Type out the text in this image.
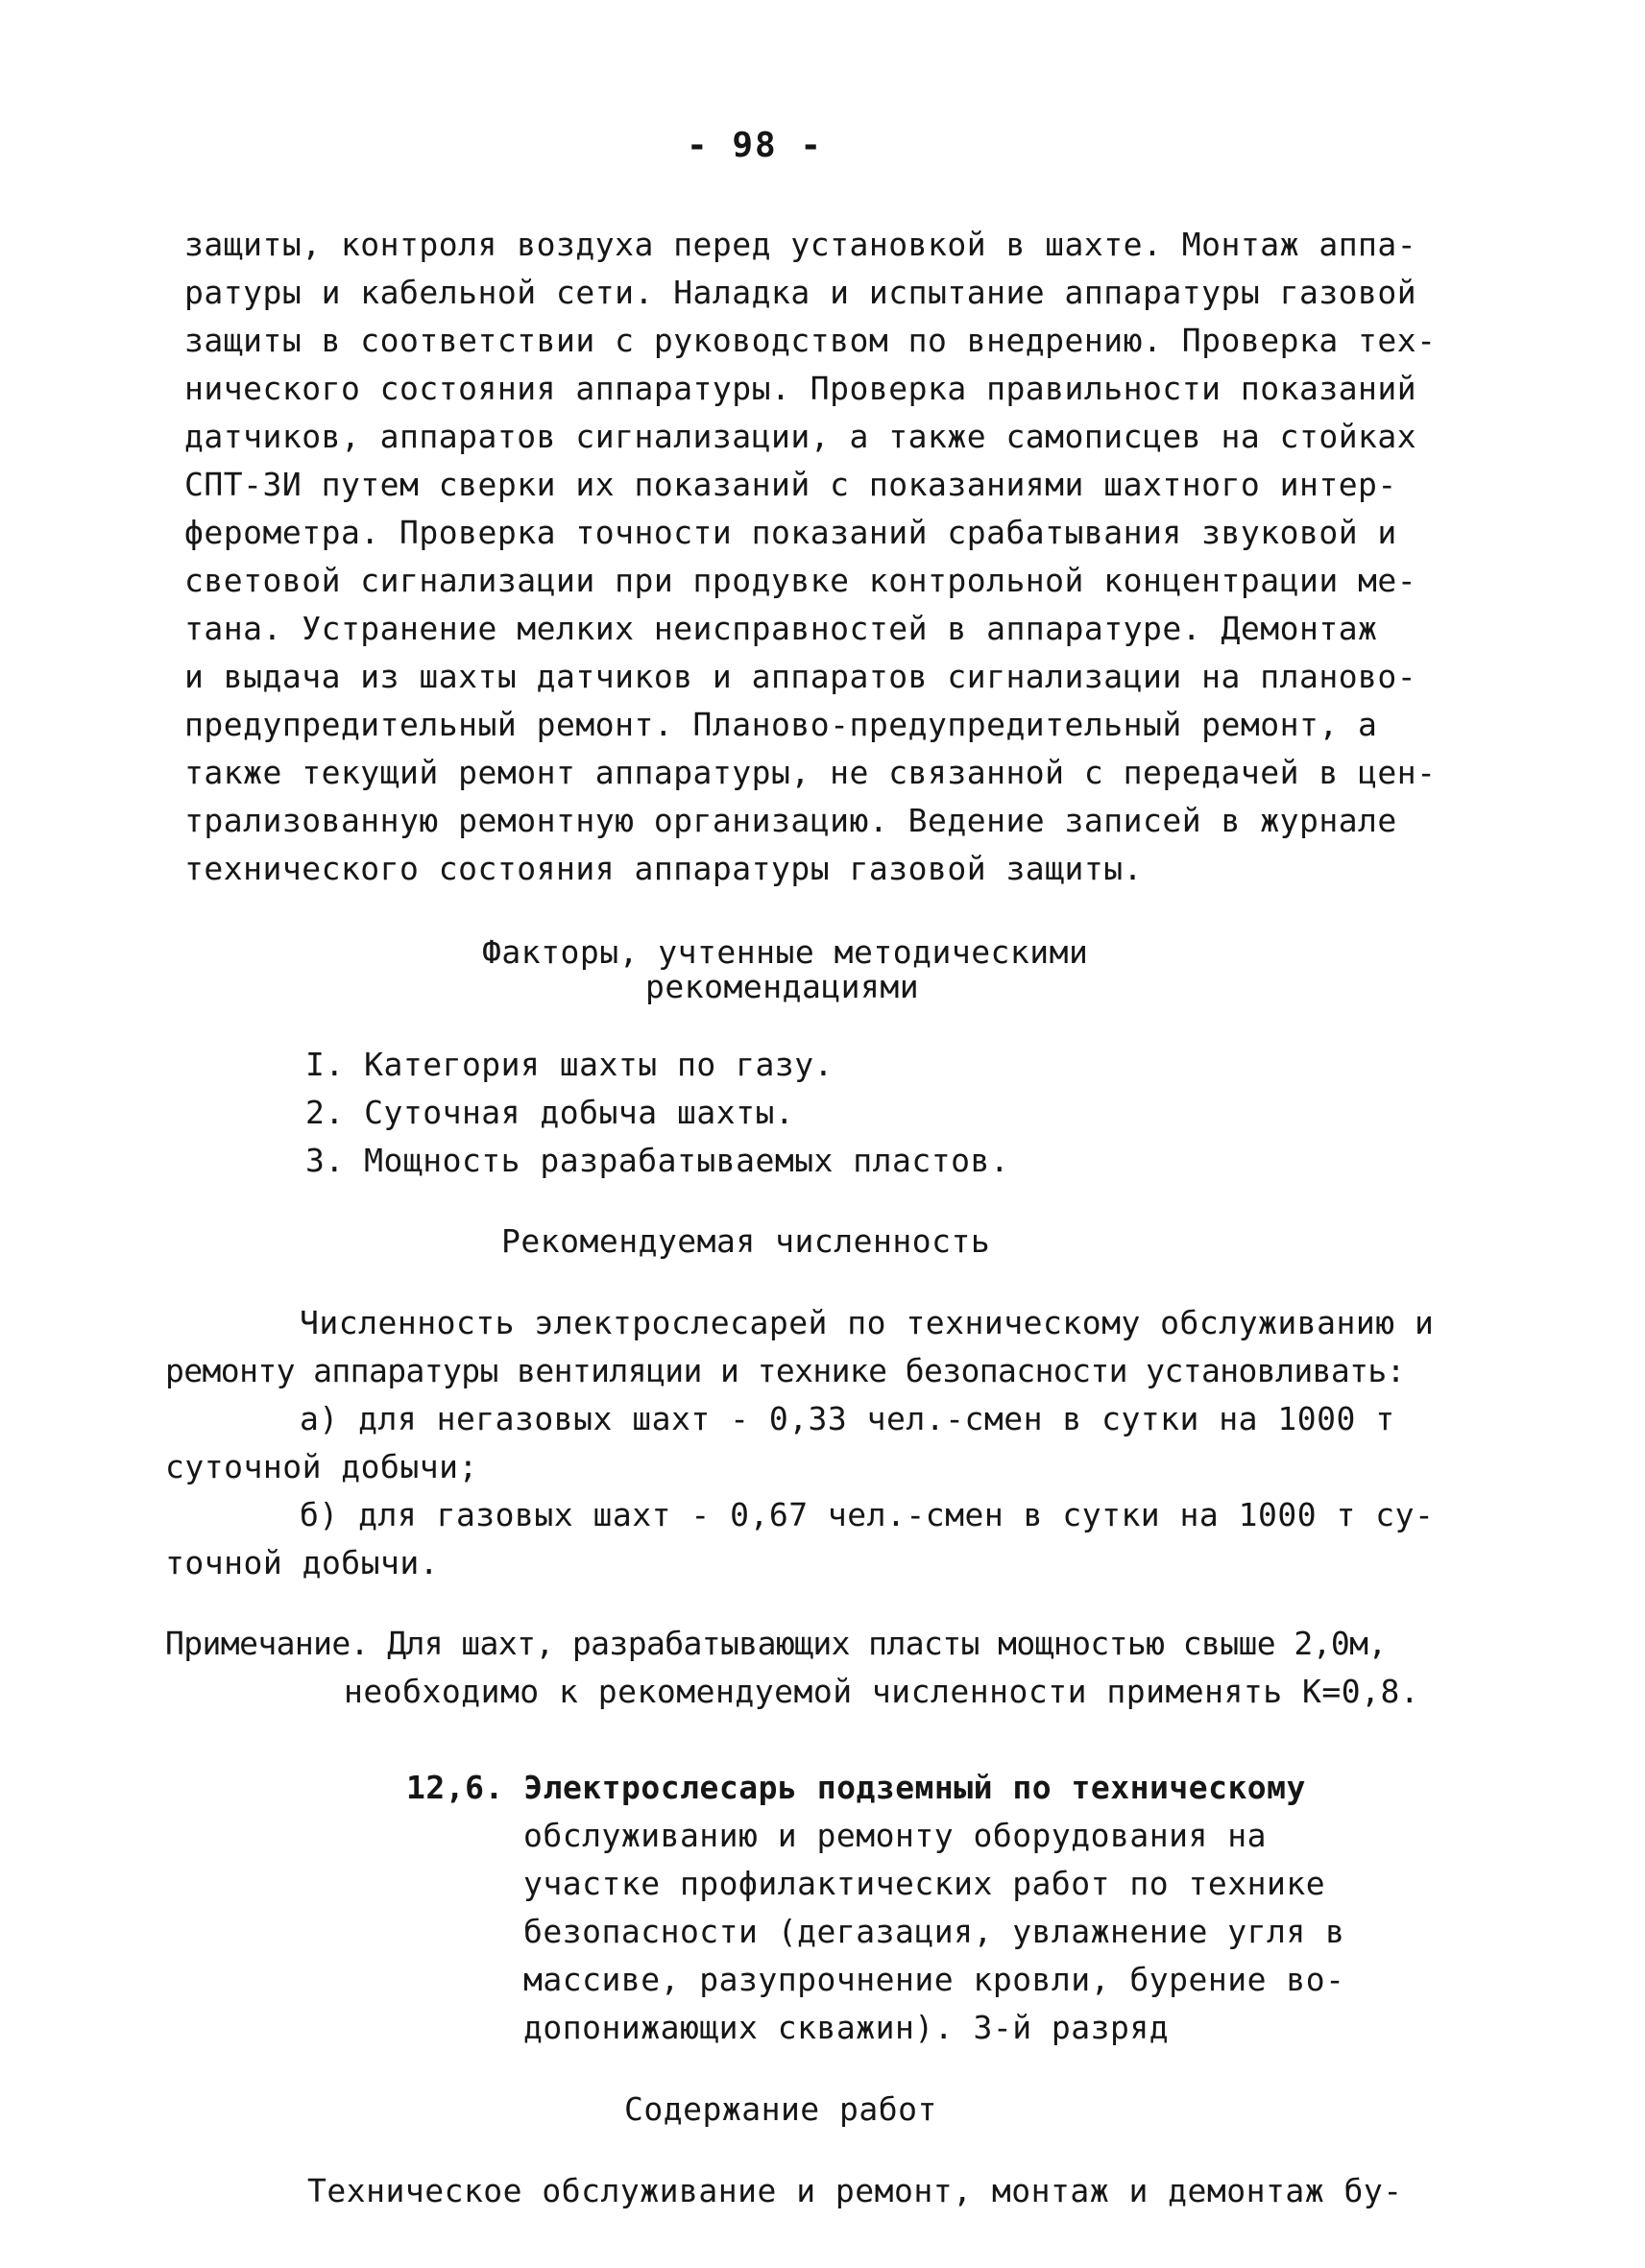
- 98 -
защиты, контроля воздуха перед установкой в шахте. Монтаж аппа-
ратуры и кабельной сети. Наладка и испытание аппаратуры газовой
защиты в соответствии с руководством по внедрению. Проверка тех-
нического состояния аппаратуры. Проверка правильности показаний
датчиков, аппаратов сигнализации, а также самописцев на стойках
СПТ-ЗИ путем сверки их показаний с показаниями шахтного интер-
ферометра. Проверка точности показаний срабатывания звуковой и
световой сигнализации при продувке контрольной концентрации ме-
тана. Устранение мелких неисправностей в аппаратуре. Демонтаж
и выдача из шахты датчиков и аппаратов сигнализации на планово-
предупредительный ремонт. Планово-предупредительный ремонт, а
также текущий ремонт аппаратуры, не связанной с передачей в цен-
трализованную ремонтную организацию. Ведение записей в журнале
технического состояния аппаратуры газовой защиты.
Факторы, учтенные методическими
рекомендациями
I. Категория шахты по газу.
2. Суточная добыча шахты.
3. Мощность разрабатываемых пластов.
Рекомендуемая численность
Численность электрослесарей по техническому обслуживанию и
ремонту аппаратуры вентиляции и технике безопасности установливать:
а) для негазовых шахт - 0,33 чел.-смен в сутки на 1000 т
суточной добычи;
б) для газовых шахт - 0,67 чел.-смен в сутки на 1000 т су-
точной добычи.
Примечание. Для шахт, разрабатывающих пласты мощностью свыше 2,0м,
необходимо к рекомендуемой численности применять К=0,8.
12,6. Электрослесарь подземный по техническому
обслуживанию и ремонту оборудования на
участке профилактических работ по технике
безопасности (дегазация, увлажнение угля в
массиве, разупрочнение кровли, бурение во-
допонижающих скважин). 3-й разряд
Содержание работ
Техническое обслуживание и ремонт, монтаж и демонтаж бу-
